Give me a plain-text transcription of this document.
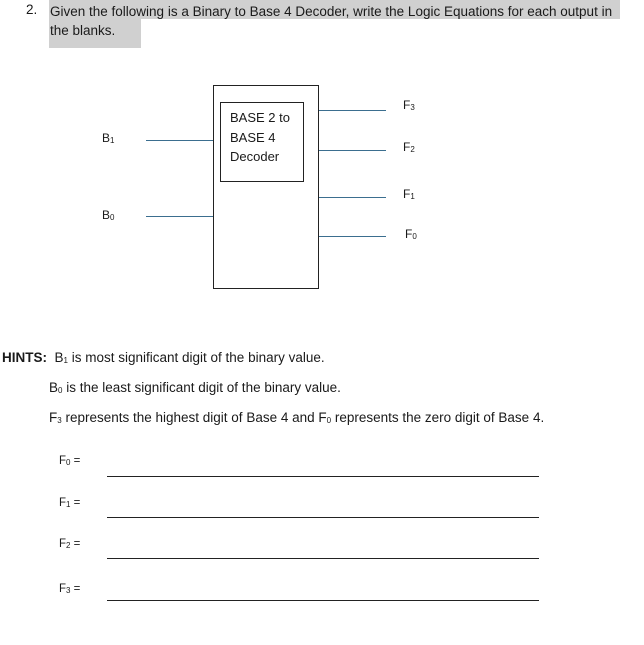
2. Given the following is a Binary to Base 4 Decoder, write the Logic Equations for each output in the blanks.
BASE 2 to
BASE 4
Decoder
$B_1$
$B_0$
$F_3$
$F_2$
$F_1$
$F_0$
HINTS: $B_1$ is most significant digit of the binary value.
$B_0$ is the least significant digit of the binary value.
$F_3$ represents the highest digit of Base 4 and $F_0$ represents the zero digit of Base 4.
$F_0$ =
$F_1$ =
$F_2$ =
$F_3$ =
